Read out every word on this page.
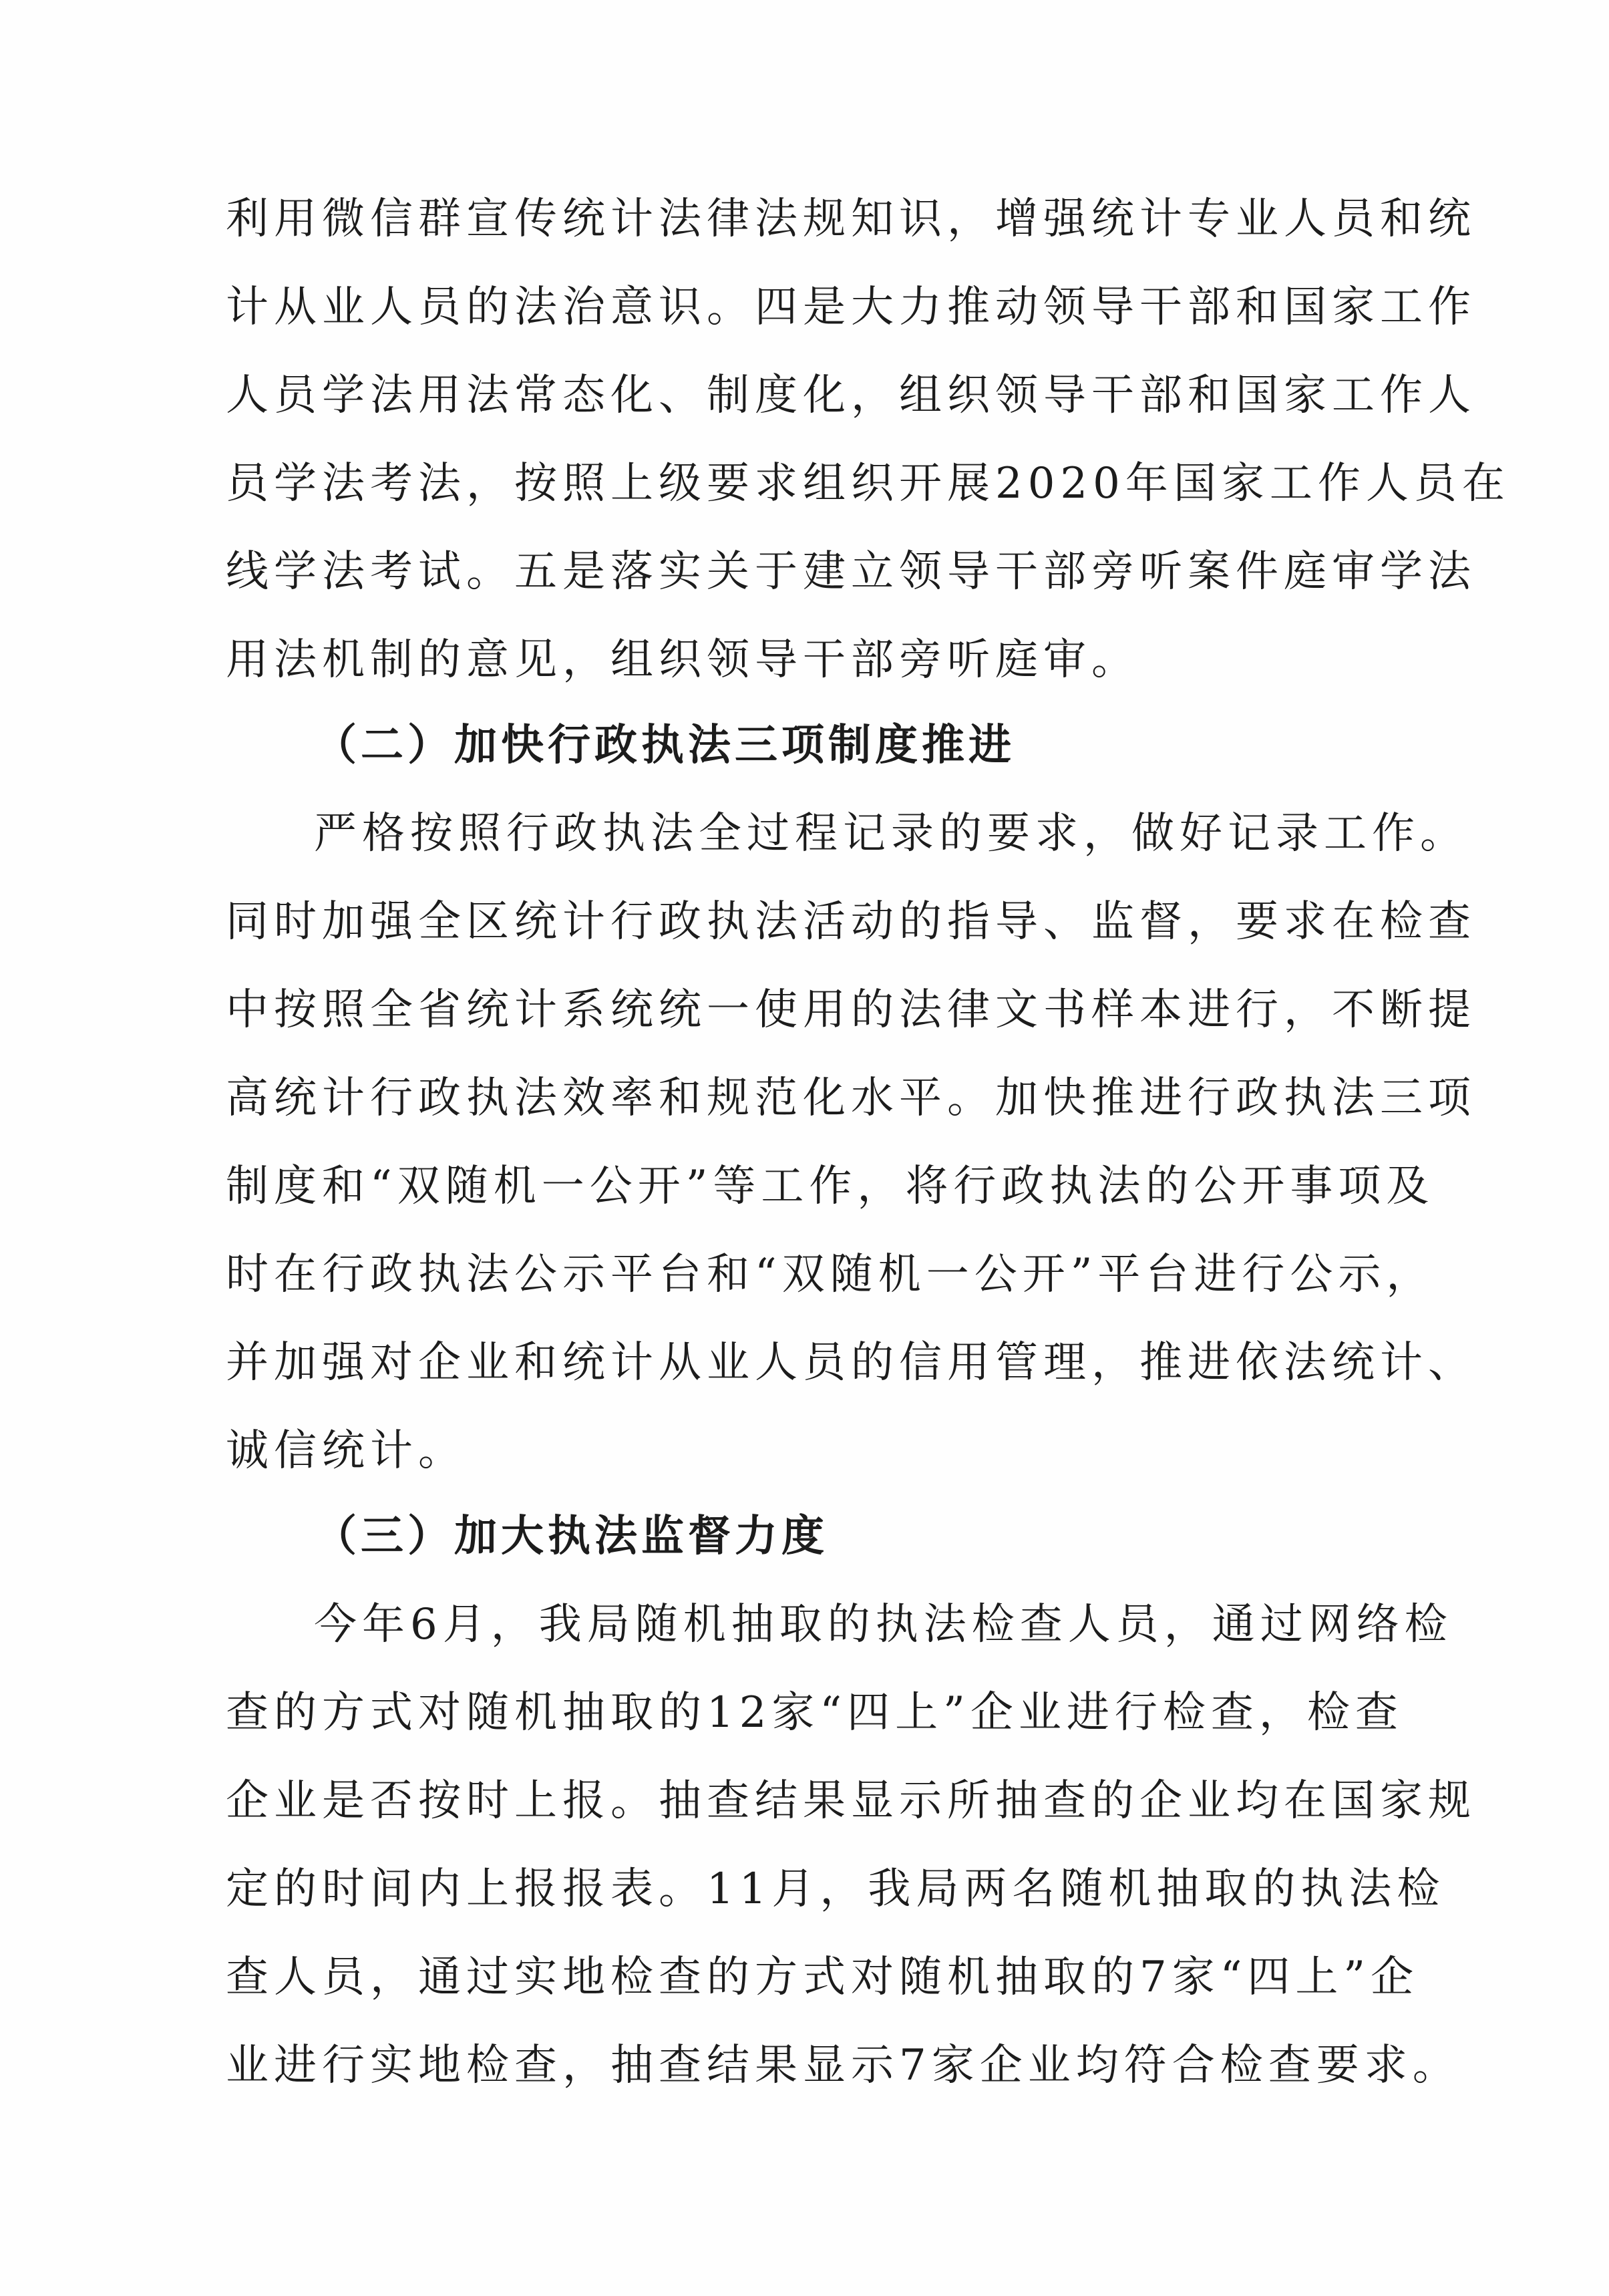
利用微信群宣传统计法律法规知识，增强统计专业人员和统
计从业人员的法治意识。四是大力推动领导干部和国家工作
人员学法用法常态化、制度化，组织领导干部和国家工作人
员学法考法，按照上级要求组织开展2020年国家工作人员在
线学法考试。五是落实关于建立领导干部旁听案件庭审学法
用法机制的意见，组织领导干部旁听庭审。
（二）加快行政执法三项制度推进
严格按照行政执法全过程记录的要求，做好记录工作。
同时加强全区统计行政执法活动的指导、监督，要求在检查
中按照全省统计系统统一使用的法律文书样本进行，不断提
高统计行政执法效率和规范化水平。加快推进行政执法三项
制度和“双随机一公开”等工作，将行政执法的公开事项及
时在行政执法公示平台和“双随机一公开”平台进行公示，
并加强对企业和统计从业人员的信用管理，推进依法统计、
诚信统计。
（三）加大执法监督力度
今年6月，我局随机抽取的执法检查人员，通过网络检
查的方式对随机抽取的12家“四上”企业进行检查，检查
企业是否按时上报。抽查结果显示所抽查的企业均在国家规
定的时间内上报报表。11月，我局两名随机抽取的执法检
查人员，通过实地检查的方式对随机抽取的7家“四上”企
业进行实地检查，抽查结果显示7家企业均符合检查要求。
